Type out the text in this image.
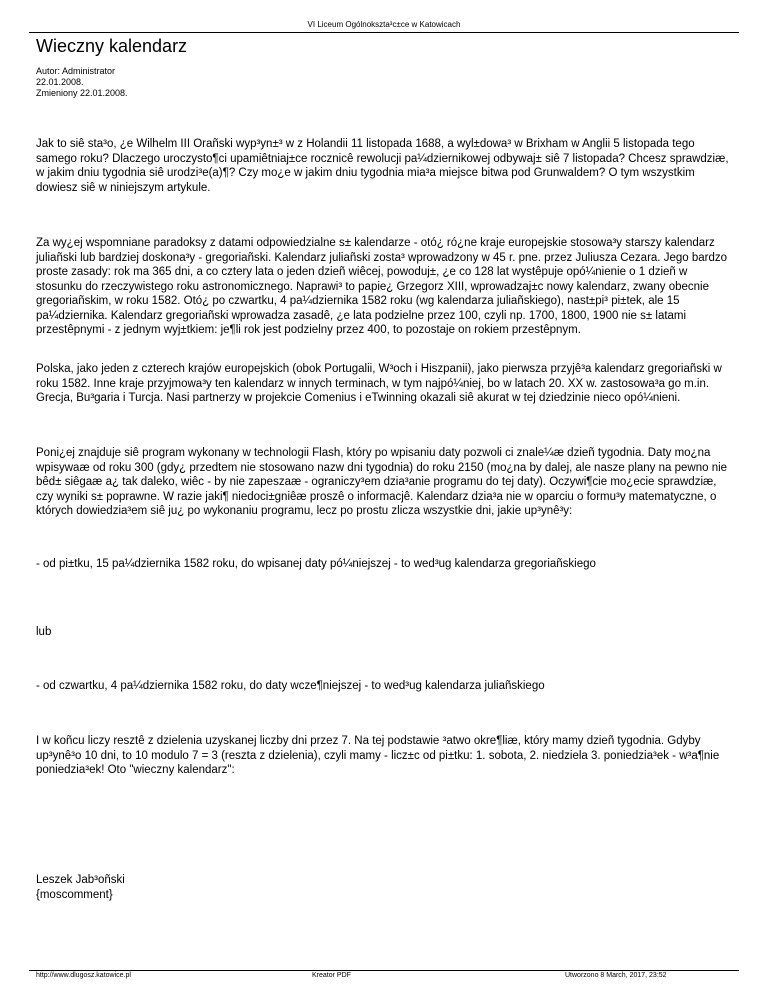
VI Liceum Ogólnokszta³c±ce w Katowicach
Wieczny kalendarz
Autor: Administrator
22.01.2008.
Zmieniony 22.01.2008.

Jak to siê sta³o, ¿e Wilhelm III Orañski wyp³yn±³ w z Holandii 11 listopada 1688, a wyl±dowa³ w Brixham w Anglii 5 listopada tego samego roku? Dlaczego uroczysto¶ci upamiêtniaj±ce rocznicê rewolucji pa¼dziernikowej odbywaj± siê 7 listopada? Chcesz sprawdziæ, w jakim dniu tygodnia siê urodzi³e(a)¶? Czy mo¿e w jakim dniu tygodnia mia³a miejsce bitwa pod Grunwaldem? O tym wszystkim dowiesz siê w niniejszym artykule.

Za wy¿ej wspomniane paradoksy z datami odpowiedzialne s± kalendarze - otó¿ ró¿ne kraje europejskie stosowa³y starszy kalendarz juliañski lub bardziej doskona³y - gregoriañski. Kalendarz juliañski zosta³ wprowadzony w 45 r. pne. przez Juliusza Cezara. Jego bardzo proste zasady: rok ma 365 dni, a co cztery lata o jeden dzieñ wiêcej, powoduj±, ¿e co 128 lat wystêpuje opó¼nienie o 1 dzieñ w stosunku do rzeczywistego roku astronomicznego. Naprawi³ to papie¿ Grzegorz XIII, wprowadzaj±c nowy kalendarz, zwany obecnie gregoriañskim, w roku 1582. Otó¿ po czwartku, 4 pa¼dziernika 1582 roku (wg kalendarza juliañskiego), nast±pi³ pi±tek, ale 15 pa¼dziernika. Kalendarz gregoriañski wprowadza zasadê, ¿e lata podzielne przez 100, czyli np. 1700, 1800, 1900 nie s± latami przestêpnymi - z jednym wyj±tkiem: je¶li rok jest podzielny przez 400, to pozostaje on rokiem przestêpnym.

Polska, jako jeden z czterech krajów europejskich (obok Portugalii, W³och i Hiszpanii), jako pierwsza przyjê³a kalendarz gregoriañski w roku 1582. Inne kraje przyjmowa³y ten kalendarz w innych terminach, w tym najpó¼niej, bo w latach 20. XX w. zastosowa³a go m.in. Grecja, Bu³garia i Turcja. Nasi partnerzy w projekcie Comenius i eTwinning okazali siê akurat w tej dziedzinie nieco opó¼nieni.

Poni¿ej znajduje siê program wykonany w technologii Flash, który po wpisaniu daty pozwoli ci znale¼æ dzieñ tygodnia. Daty mo¿na wpisywaæ od roku 300 (gdy¿ przedtem nie stosowano nazw dni tygodnia) do roku 2150 (mo¿na by dalej, ale nasze plany na pewno nie bêd± siêgaæ a¿ tak daleko, wiêc - by nie zapeszaæ - ograniczy³em dzia³anie programu do tej daty). Oczywi¶cie mo¿ecie sprawdziæ, czy wyniki s± poprawne. W razie jaki¶ niedoci±gniêæ proszê o informacjê. Kalendarz dzia³a nie w oparciu o formu³y matematyczne, o których dowiedzia³em siê ju¿ po wykonaniu programu, lecz po prostu zlicza wszystkie dni, jakie up³ynê³y:

- od pi±tku, 15 pa¼dziernika 1582 roku, do wpisanej daty pó¼niejszej - to wed³ug kalendarza gregoriañskiego

lub

- od czwartku, 4 pa¼dziernika 1582 roku, do daty wcze¶niejszej - to wed³ug kalendarza juliañskiego

I w koñcu liczy resztê z dzielenia uzyskanej liczby dni przez 7. Na tej podstawie ³atwo okre¶liæ, który mamy dzieñ tygodnia. Gdyby up³ynê³o 10 dni, to 10 modulo 7 = 3 (reszta z dzielenia), czyli mamy - licz±c od pi±tku: 1. sobota, 2. niedziela 3. poniedzia³ek - w³a¶nie poniedzia³ek! Oto "wieczny kalendarz":

Leszek Jab³oñski
{moscomment}
http://www.dlugosz.katowice.pl	Kreator PDF	Utworzono 8 March, 2017, 23:52
